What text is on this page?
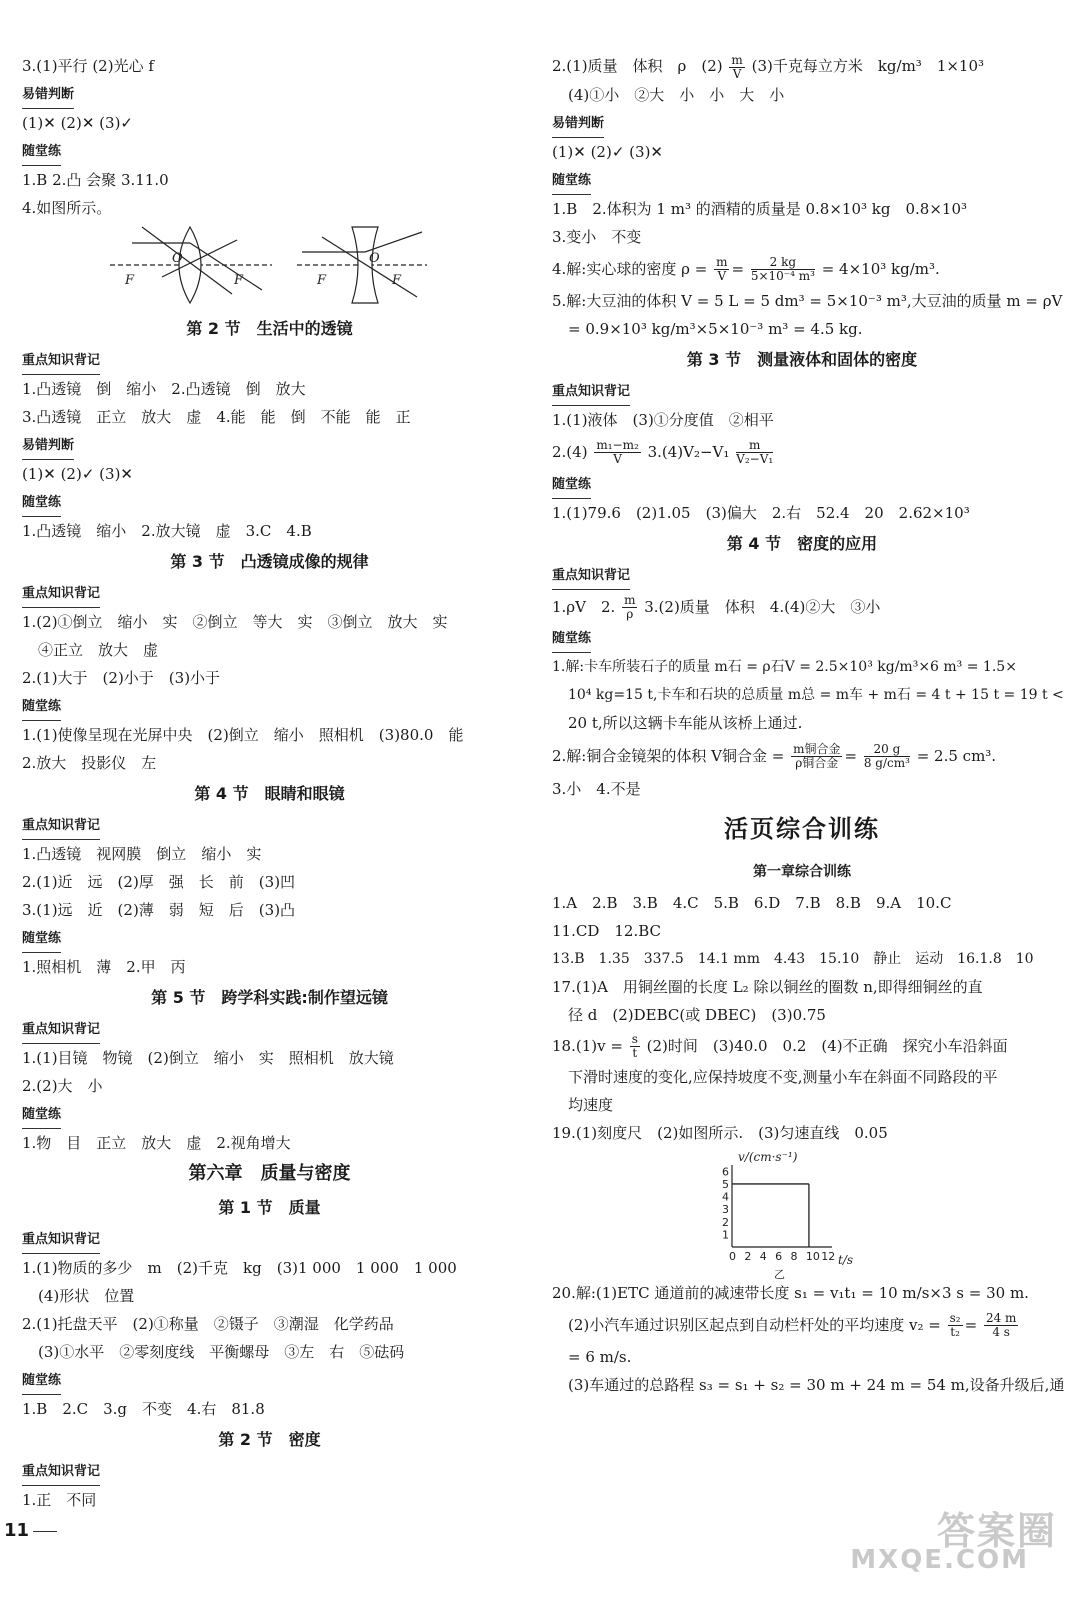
3.(1)平行 (2)光心 f
易错判断
(1)✕ (2)✕ (3)✓
随堂练
1.B 2.凸 会聚 3.11.0
4.如图所示。
F
O
F	F
O
F
第 2 节　生活中的透镜
重点知识背记
1.凸透镜　倒　缩小　2.凸透镜　倒　放大
3.凸透镜　正立　放大　虚　4.能　能　倒　不能　能　正
易错判断
(1)✕ (2)✓ (3)✕
随堂练
1.凸透镜　缩小　2.放大镜　虚　3.C　4.B
第 3 节　凸透镜成像的规律
重点知识背记
1.(2)①倒立　缩小　实　②倒立　等大　实　③倒立　放大　实
④正立　放大　虚
2.(1)大于　(2)小于　(3)小于
随堂练
1.(1)使像呈现在光屏中央　(2)倒立　缩小　照相机　(3)80.0　能
2.放大　投影仪　左
第 4 节　眼睛和眼镜
重点知识背记
1.凸透镜　视网膜　倒立　缩小　实
2.(1)近　远　(2)厚　强　长　前　(3)凹
3.(1)远　近　(2)薄　弱　短　后　(3)凸
随堂练
1.照相机　薄　2.甲　丙
第 5 节　跨学科实践:制作望远镜
重点知识背记
1.(1)目镜　物镜　(2)倒立　缩小　实　照相机　放大镜
2.(2)大　小
随堂练
1.物　目　正立　放大　虚　2.视角增大
第六章　质量与密度
第 1 节　质量
重点知识背记
1.(1)物质的多少　m　(2)千克　kg　(3)1 000　1 000　1 000
(4)形状　位置
2.(1)托盘天平　(2)①称量　②镊子　③潮湿　化学药品
(3)①水平　②零刻度线　平衡螺母　③左　右　⑤砝码
随堂练
1.B　2.C　3.g　不变　4.右　81.8
第 2 节　密度
重点知识背记
1.正　不同
2.(1)质量　体积　ρ　$(2) \frac{m}{V} (3)$千克每立方米　kg/m³　1×10³
(4)①小　②大　小　小　大　小
易错判断
(1)✕ (2)✓ (3)✕
随堂练
1.B　2.体积为 1 m³ 的酒精的质量是 0.8×10³ kg　0.8×10³
3.变小　不变
4.解:实心球的密度 $\rho = \frac{m}{V} = \frac{2 kg}{\text{5×10⁻⁴ m³}} = 4\times 10^3$ kg/m³.
5.解:大豆油的体积 V = 5 L = 5 dm³ = 5×10⁻³ m³,大豆油的质量 m = ρV
= 0.9×10³ kg/m³×5×10⁻³ m³ = 4.5 kg.
第 3 节　测量液体和固体的密度
重点知识背记
1.(1)液体　(3)①分度值　②相平
$2.(4) \frac{\text{m₁−m₂}}{V} 3.(4)V_2-V_1 \frac{m}{\text{V₂−V₁}}$
随堂练
1.(1)79.6　(2)1.05　(3)偏大　2.右　52.4　20　2.62×10³
第 4 节　密度的应用
重点知识背记
1.ρV　2. $\frac{m}{\rho} 3.(2)$质量　体积　4.(4)②大　③小
随堂练
1.解:卡车所装石子的质量 m石 = ρ石V = 2.5×10³ kg/m³×6 m³ = 1.5×
10⁴ kg=15 t,卡车和石块的总质量 m总 = m车 + m石 = 4 t + 15 t = 19 t <
20 t,所以这辆卡车能从该桥上通过.
2.解:铜合金镜架的体积 V铜合金 = $\frac{\text{m铜合金}}{\text{ρ铜合金}} = \frac{20 g}{\text{8 g/cm³}} = 2.5$ cm³.
3.小　4.不是
活页综合训练
第一章综合训练
1.A　2.B　3.B　4.C　5.B　6.D　7.B　8.B　9.A　10.C
11.CD　12.BC
13.B　1.35　337.5　14.1 mm　4.43　15.10　静止　运动　16.1.8　10
17.(1)A　用铜丝圈的长度 L₂ 除以铜丝的圈数 n,即得细铜丝的直
径 d　(2)DEBC(或 DBEC)　(3)0.75
$18.(1)v = \frac{s}{t} (2)$时间　(3)40.0　0.2　(4)不正确　探究小车沿斜面
下滑时速度的变化,应保持坡度不变,测量小车在斜面不同路段的平
均速度
19.(1)刻度尺　(2)如图所示.　(3)匀速直线　0.05
0 2 4 6 8 10 12
1
2
3
4
5
6
v/(cm·s⁻¹)
t/s
乙
20.解:(1)ETC 通道前的减速带长度 s₁ = v₁t₁ = 10 m/s×3 s = 30 m.
(2)小汽车通过识别区起点到自动栏杆处的平均速度 $v_2 = \frac{\text{s₂}}{\text{t₂}} = \frac{24 m}{4 s}$
= 6 m/s.
(3)车通过的总路程 s₃ = s₁ + s₂ = 30 m + 24 m = 54 m,设备升级后,通
11	答案圈
MXQE.COM
